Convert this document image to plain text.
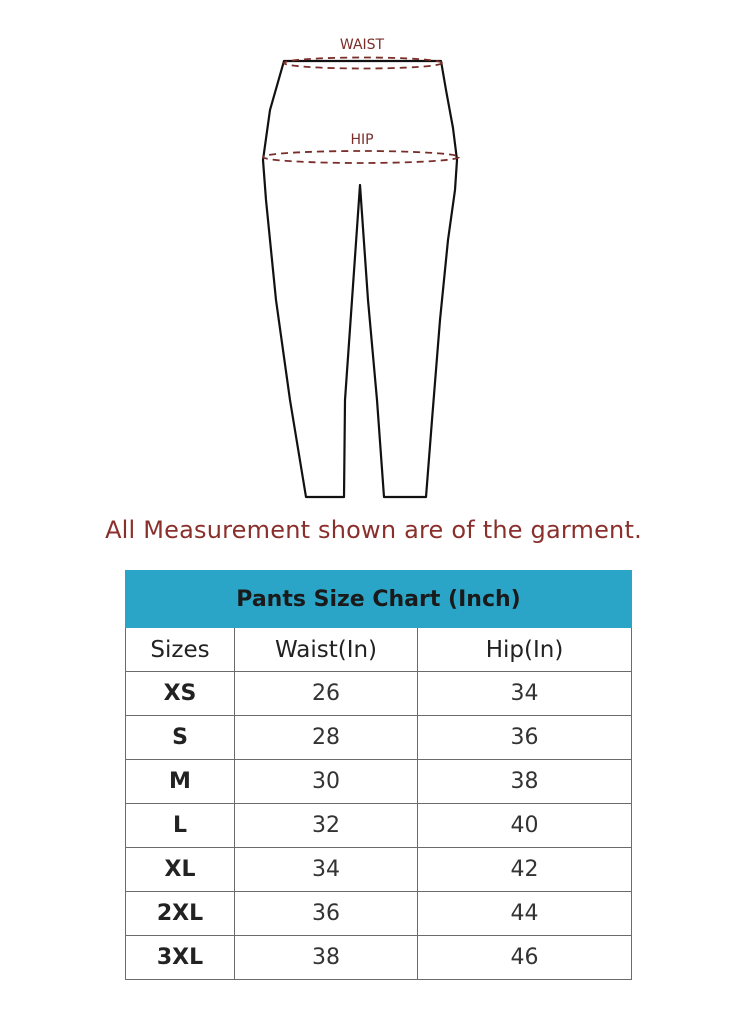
WAIST
HIP
All Measurement shown are of the garment.
Pants Size Chart (Inch)		
Sizes	Waist(In)	Hip(In)
XS	26	34
S	28	36
M	30	38
L	32	40
XL	34	42
2XL	36	44
3XL	38	46
